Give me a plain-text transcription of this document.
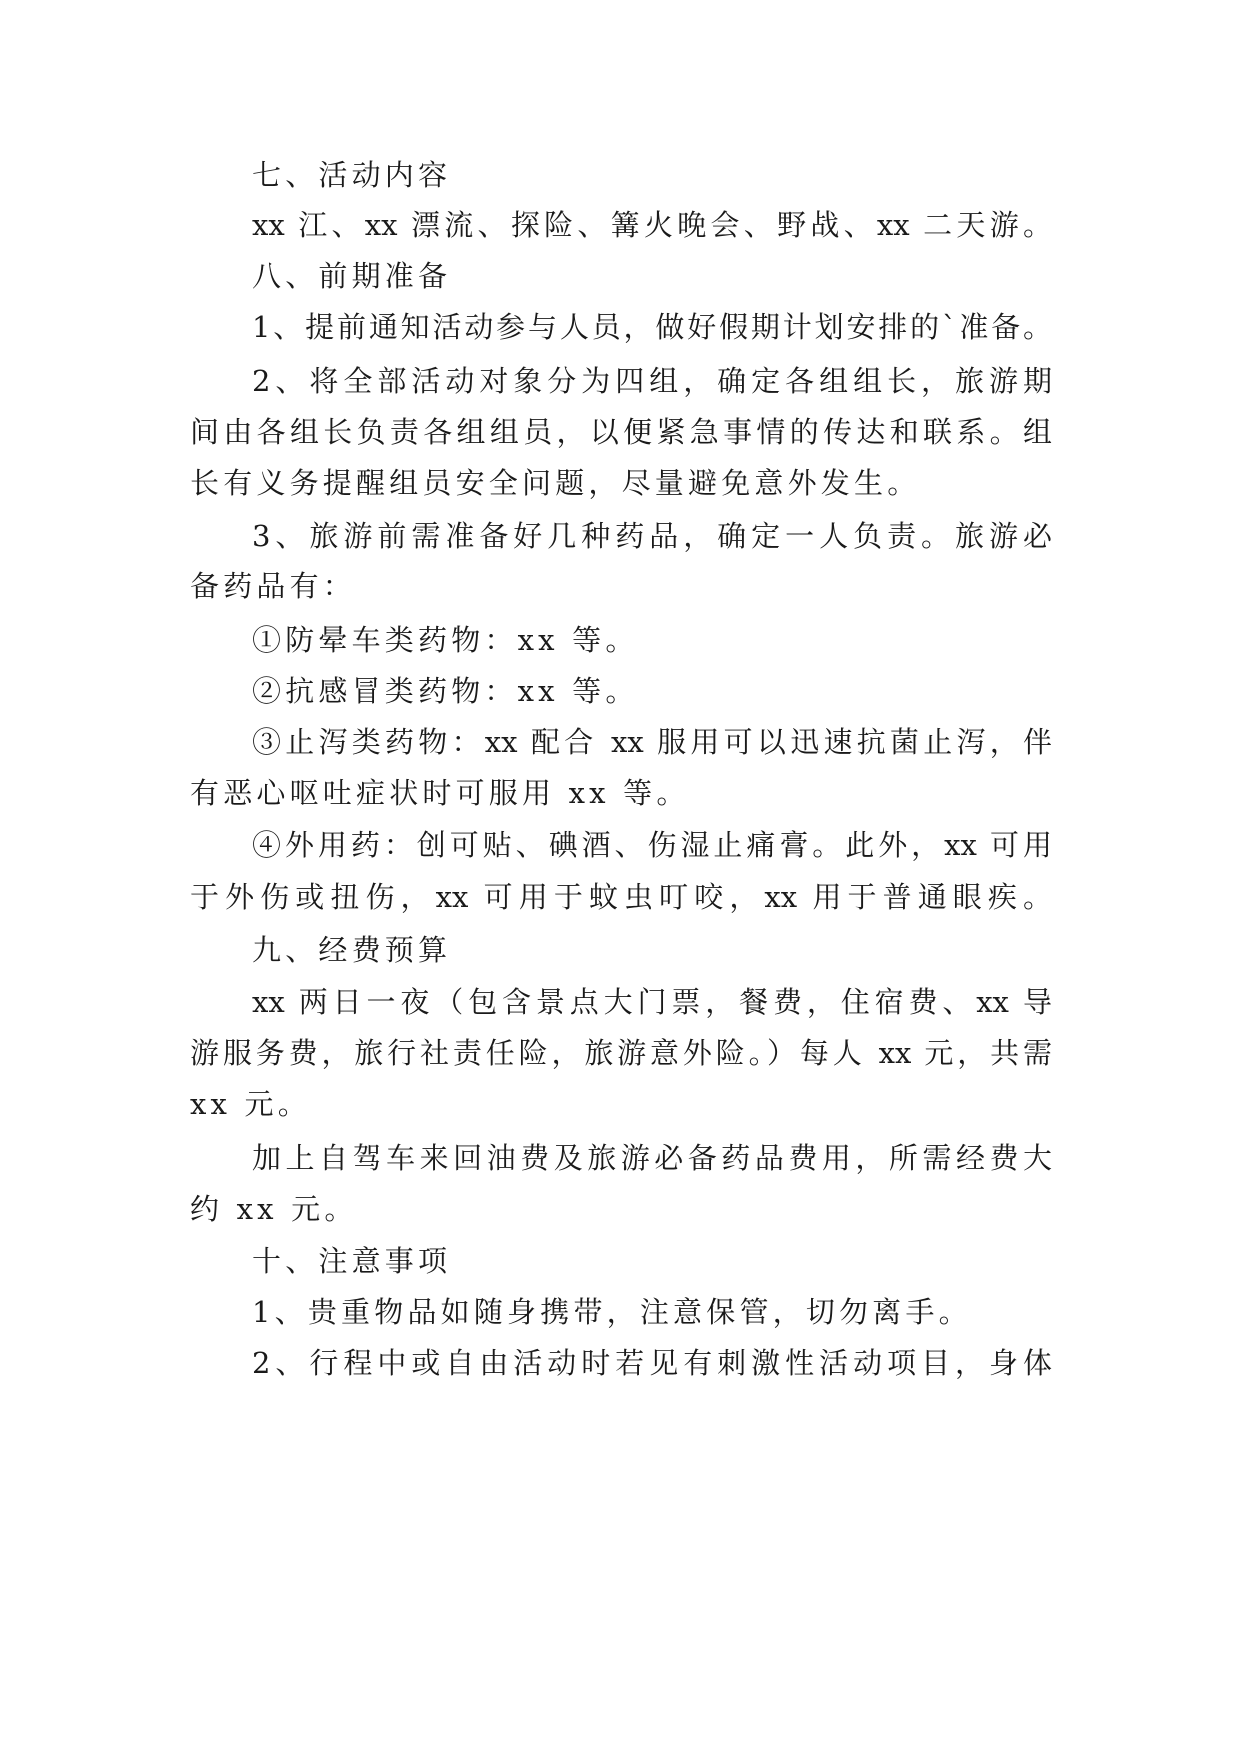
七、活动内容
xx 江、xx 漂流、探险、篝火晚会、野战、xx 二天游。
八、前期准备
1、提前通知活动参与人员，做好假期计划安排的`准备。
2、将全部活动对象分为四组，确定各组组长，旅游期
间由各组长负责各组组员，以便紧急事情的传达和联系。组
长有义务提醒组员安全问题，尽量避免意外发生。
3、旅游前需准备好几种药品，确定一人负责。旅游必
备药品有：
①防晕车类药物：xx 等。
②抗感冒类药物：xx 等。
③止泻类药物：xx 配合 xx 服用可以迅速抗菌止泻，伴
有恶心呕吐症状时可服用 xx 等。
④外用药：创可贴、碘酒、伤湿止痛膏。此外，xx 可用
于外伤或扭伤，xx 可用于蚊虫叮咬，xx 用于普通眼疾。
九、经费预算
xx 两日一夜（包含景点大门票，餐费，住宿费、xx 导
游服务费，旅行社责任险，旅游意外险。）每人 xx 元，共需
xx 元。
加上自驾车来回油费及旅游必备药品费用，所需经费大
约 xx 元。
十、注意事项
1、贵重物品如随身携带，注意保管，切勿离手。
2、行程中或自由活动时若见有刺激性活动项目，身体
